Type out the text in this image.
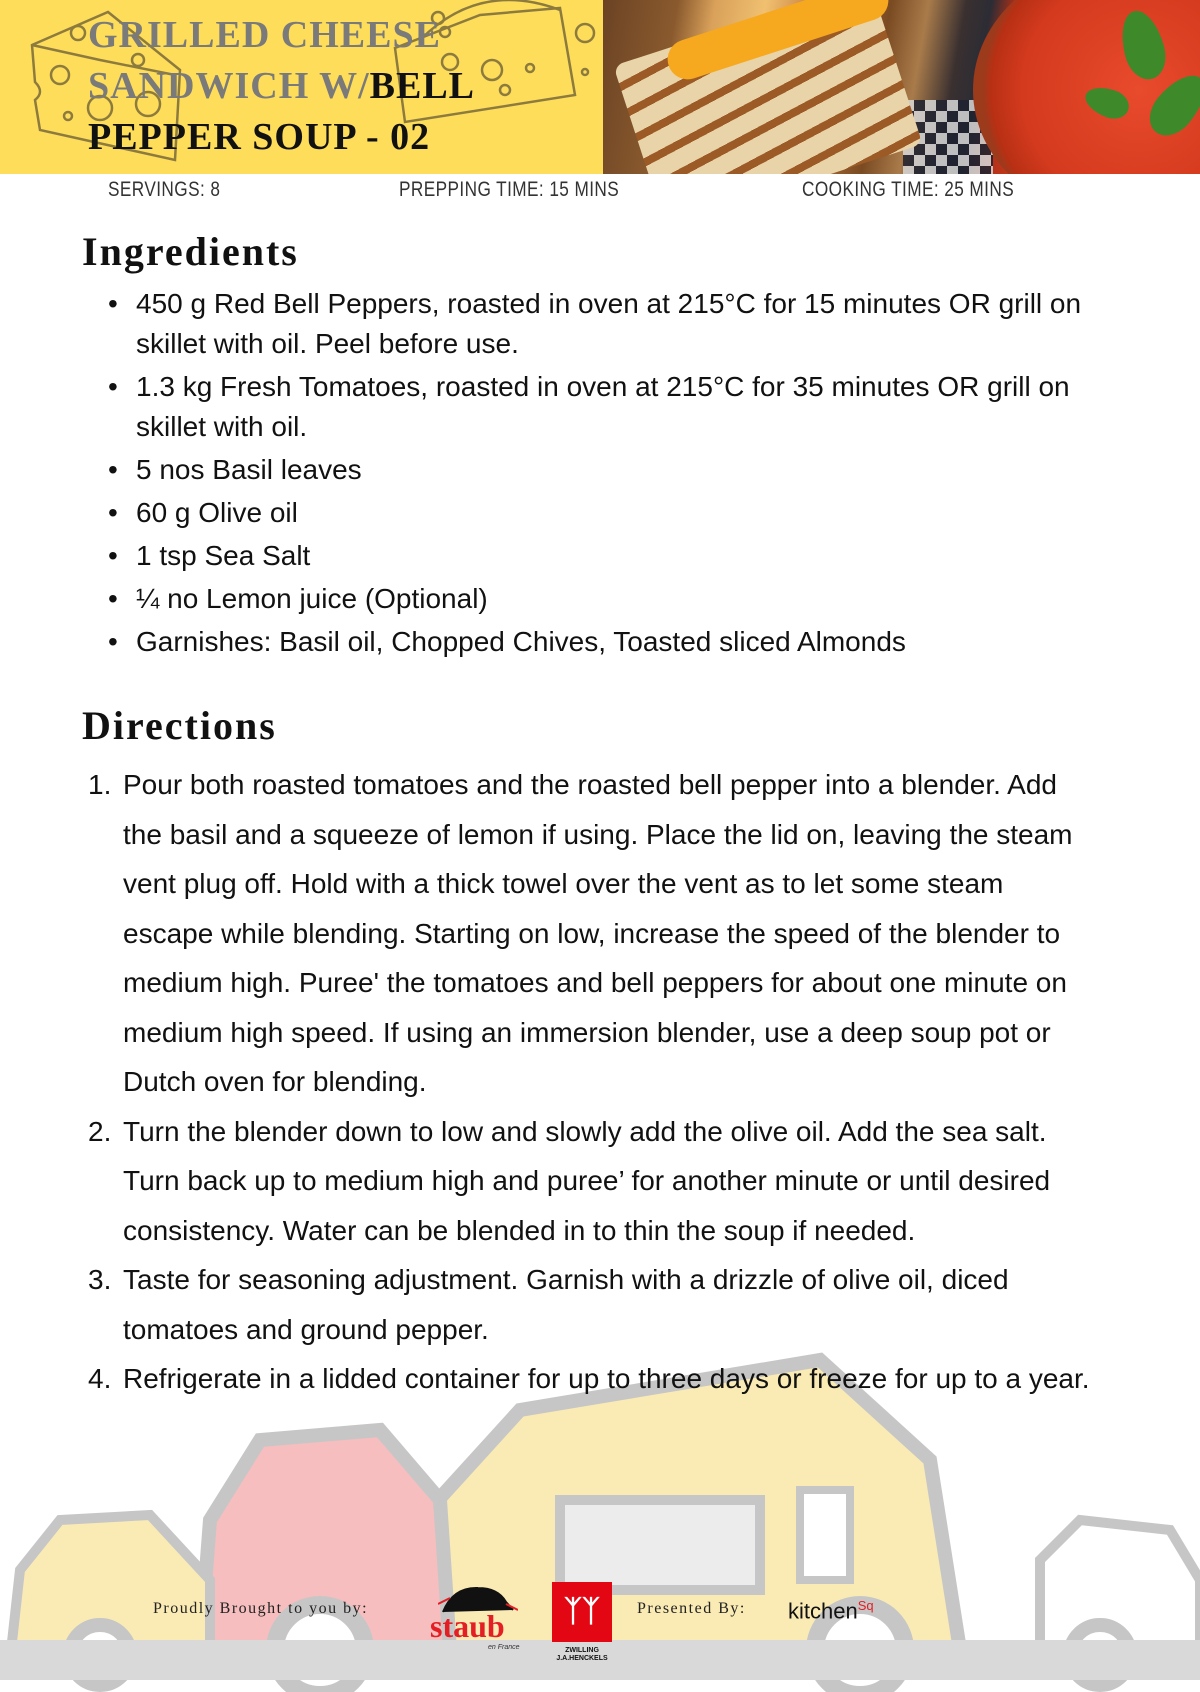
GRILLED CHEESE SANDWICH W/BELL PEPPER SOUP - 02
SERVINGS: 8	PREPPING TIME: 15 MINS	COOKING TIME: 25 MINS
Ingredients
• 450 g Red Bell Peppers, roasted in oven at 215°C for 15 minutes OR grill on skillet with oil. Peel before use.
• 1.3 kg Fresh Tomatoes, roasted in oven at 215°C for 35 minutes OR grill on skillet with oil.
• 5 nos Basil leaves
• 60 g Olive oil
• 1 tsp Sea Salt
• ¼ no Lemon juice (Optional)
• Garnishes: Basil oil, Chopped Chives, Toasted sliced Almonds
Directions
1. Pour both roasted tomatoes and the roasted bell pepper into a blender. Add the basil and a squeeze of lemon if using. Place the lid on, leaving the steam vent plug off. Hold with a thick towel over the vent as to let some steam escape while blending. Starting on low, increase the speed of the blender to medium high. Puree' the tomatoes and bell peppers for about one minute on medium high speed. If using an immersion blender, use a deep soup pot or Dutch oven for blending.
2. Turn the blender down to low and slowly add the olive oil. Add the sea salt. Turn back up to medium high and puree’ for another minute or until desired consistency. Water can be blended in to thin the soup if needed.
3. Taste for seasoning adjustment. Garnish with a drizzle of olive oil, diced tomatoes and ground pepper.
4. Refrigerate in a lidded container for up to three days or freeze for up to a year.
Proudly Brought to you by: staub
en France
ᛉᛉ
ZWILLING
J.A.HENCKELS
Presented By: kitchen$^{Sq}$
